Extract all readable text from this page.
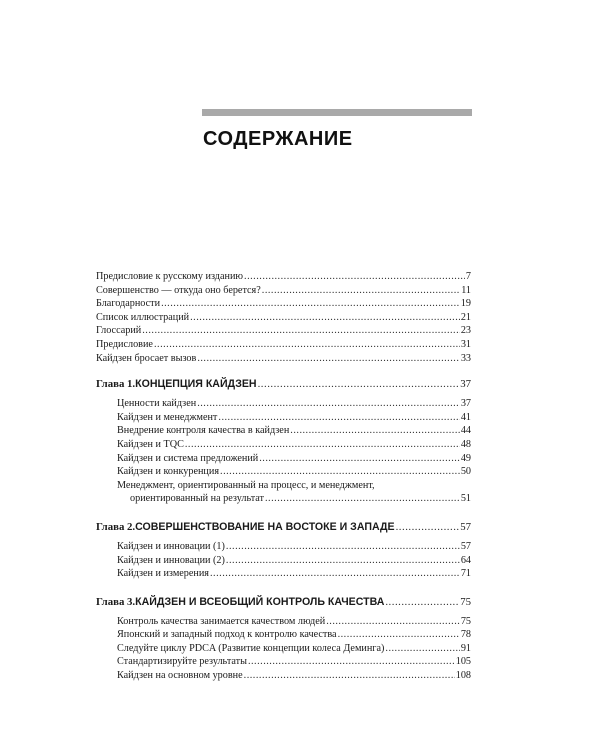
СОДЕРЖАНИЕ
Предисловие к русскому изданию .....	7
Совершенство — откуда оно берется? .....	11
Благодарности .....	19
Список иллюстраций .....	21
Глоссарий .....	23
Предисловие .....	31
Кайдзен бросает вызов .....	33
Глава 1. КОНЦЕПЦИЯ КАЙДЗЕН .....	37
Ценности кайдзен .....	37
Кайдзен и менеджмент .....	41
Внедрение контроля качества в кайдзен .....	44
Кайдзен и TQC .....	48
Кайдзен и система предложений .....	49
Кайдзен и конкуренция .....	50
Менеджмент, ориентированный на процесс, и менеджмент,
ориентированный на результат .....	51
Глава 2. СОВЕРШЕНСТВОВАНИЕ НА ВОСТОКЕ И ЗАПАДЕ .....	57
Кайдзен и инновации (1) .....	57
Кайдзен и инновации (2) .....	64
Кайдзен и измерения .....	71
Глава 3. КАЙДЗЕН И ВСЕОБЩИЙ КОНТРОЛЬ КАЧЕСТВА .....	75
Контроль качества занимается качеством людей .....	75
Японский и западный подход к контролю качества .....	78
Следуйте циклу PDCA (Развитие концепции колеса Деминга) .....	91
Стандартизируйте результаты .....	105
Кайдзен на основном уровне .....	108
